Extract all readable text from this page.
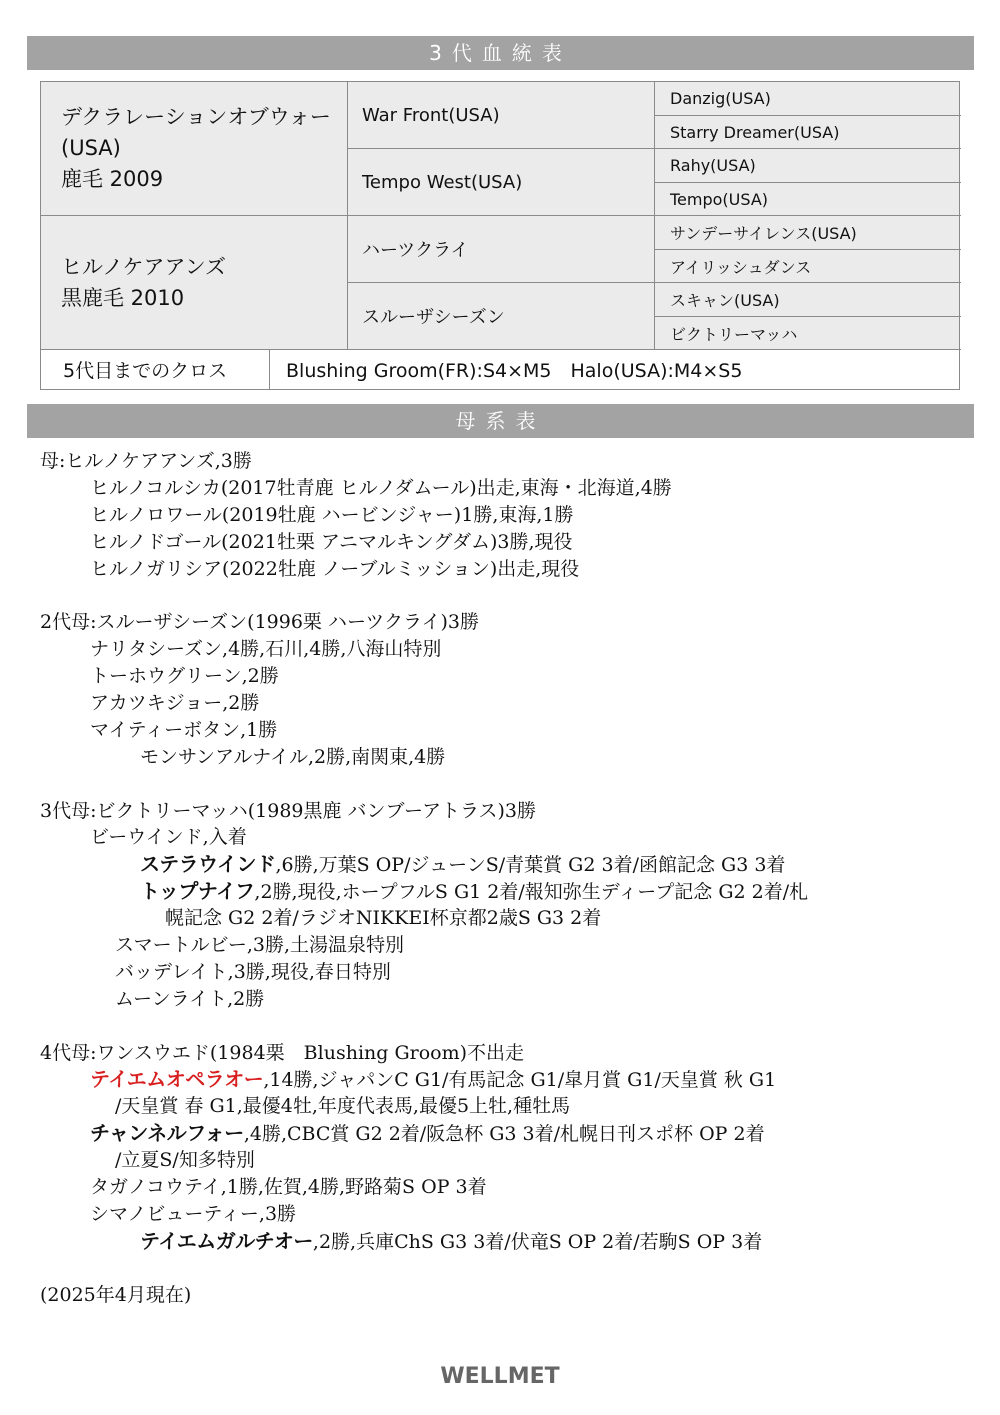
3代血統表
デクラレーションオブウォー
(USA)
鹿毛 2009
ヒルノケアアンズ
黒鹿毛 2010
War Front(USA)
Tempo West(USA)
ハーツクライ
スルーザシーズン
Danzig(USA)
Starry Dreamer(USA)
Rahy(USA)
Tempo(USA)
サンデーサイレンス(USA)
アイリッシュダンス
スキャン(USA)
ビクトリーマッハ
5代目までのクロス	Blushing Groom(FR):S4×M5　Halo(USA):M4×S5
母系表
母:ヒルノケアアンズ,3勝
ヒルノコルシカ(2017牡青鹿 ヒルノダムール)出走,東海・北海道,4勝
ヒルノロワール(2019牡鹿 ハービンジャー)1勝,東海,1勝
ヒルノドゴール(2021牡栗 アニマルキングダム)3勝,現役
ヒルノガリシア(2022牡鹿 ノーブルミッション)出走,現役
2代母:スルーザシーズン(1996栗 ハーツクライ)3勝
ナリタシーズン,4勝,石川,4勝,八海山特別
トーホウグリーン,2勝
アカツキジョー,2勝
マイティーボタン,1勝
モンサンアルナイル,2勝,南関東,4勝
3代母:ビクトリーマッハ(1989黒鹿 バンブーアトラス)3勝
ビーウインド,入着
ステラウインド,6勝,万葉S OP/ジューンS/青葉賞 G2 3着/函館記念 G3 3着
トップナイフ,2勝,現役,ホープフルS G1 2着/報知弥生ディープ記念 G2 2着/札
幌記念 G2 2着/ラジオNIKKEI杯京都2歳S G3 2着
スマートルビー,3勝,土湯温泉特別
バッデレイト,3勝,現役,春日特別
ムーンライト,2勝
4代母:ワンスウエド(1984栗　Blushing Groom)不出走
テイエムオペラオー,14勝,ジャパンC G1/有馬記念 G1/皐月賞 G1/天皇賞 秋 G1
/天皇賞 春 G1,最優4牡,年度代表馬,最優5上牡,種牡馬
チャンネルフォー,4勝,CBC賞 G2 2着/阪急杯 G3 3着/札幌日刊スポ杯 OP 2着
/立夏S/知多特別
タガノコウテイ,1勝,佐賀,4勝,野路菊S OP 3着
シマノビューティー,3勝
テイエムガルチオー,2勝,兵庫ChS G3 3着/伏竜S OP 2着/若駒S OP 3着
(2025年4月現在)
WELLMET
